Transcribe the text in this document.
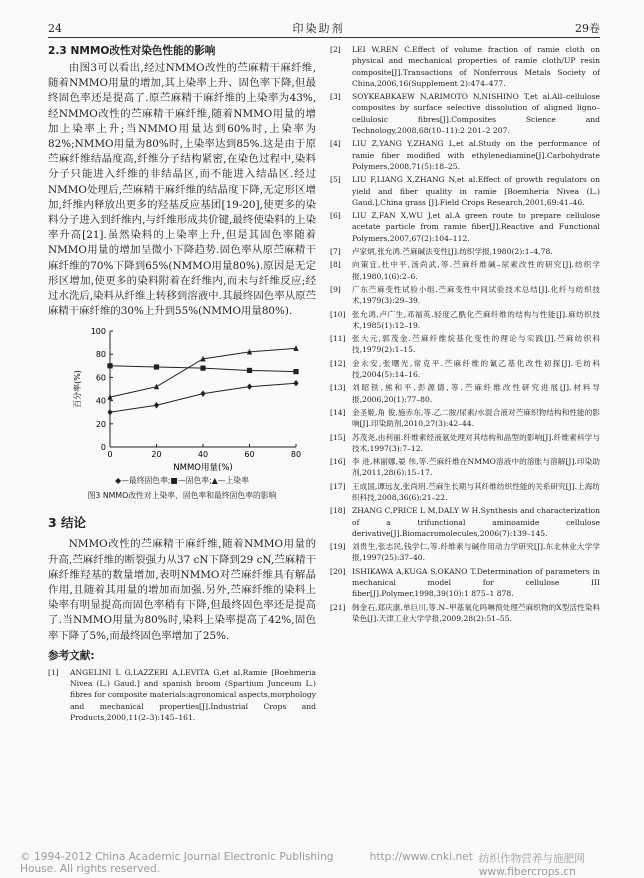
24	印染助剂	29卷

2.3 NMMO改性对染色性能的影响

由图3可以看出,经过NMMO改性的苎麻精干麻纤维,随着NMMO用量的增加,其上染率上升、固色率下降,但最终固色率还是提高了.原苎麻精干麻纤维的上染率为43%,经NMMO改性的苎麻精干麻纤维,随着NMMO用量的增加上染率上升;当NMMO用量达到60%时,上染率为82%;NMMO用量为80%时,上染率达到85%.这是由于原苎麻纤维结晶度高,纤维分子结构紧密,在染色过程中,染料分子只能进入纤维的非结晶区,而不能进入结晶区.经过NMMO处理后,苎麻精干麻纤维的结晶度下降,无定形区增加,纤维内释放出更多的羟基反应基团[19-20],使更多的染料分子进入到纤维内,与纤维形成共价键,最终使染料的上染率升高[21].虽然染料的上染率上升,但是其固色率随着NMMO用量的增加呈微小下降趋势.固色率从原苎麻精干麻纤维的70%下降到65%(NMMO用量80%).原因是无定形区增加,使更多的染料附着在纤维内,而未与纤维反应;经过水洗后,染料从纤维上转移到溶液中.其最终固色率从原苎麻精干麻纤维的30%上升到55%(NMMO用量80%).

0
20
40
60
80
100
0	20	40	60	80
NMMO用量(%)
百分率(%)

◆—最终固色率;■—固色率;▲—上染率

图3 NMMO改性对上染率、固色率和最终固色率的影响

3 结论

NMMO改性的苎麻精干麻纤维,随着NMMO用量的升高,苎麻纤维的断裂强力从37 cN下降到29 cN,苎麻精干麻纤维羟基的数量增加,表明NMMO对苎麻纤维具有解晶作用,且随着其用量的增加而加强.另外,苎麻纤维的染料上染率有明显提高而固色率稍有下降,但最终固色率还是提高了.当NMMO用量为80%时,染料上染率提高了42%,固色率下降了5%,而最终固色率增加了25%.

参考文献:

[1]	ANGELINI L G,LAZZERI A,LEVITA G,et al.Ramie [Boehmeria Nivea (L.) Gaud.] and spanish broom (Spartium Junceum L.) fibres for composite materials:agronomical aspects,morphology and mechanical properties[J].Industrial Crops and Products,2000,11(2–3):145–161.
[2]	LEI W,REN C.Effect of volume fraction of ramie cloth on physical and mechanical properties of ramie cloth/UP resin composite[J].Transactions of Nonferrous Metals Society of China,2006,16(Supplement 2):474–477.
[3]	SOYKEABKAEW N,ARIMOTO N,NISHINO T,et al.All–cellulose composites by surface selective dissolution of aligned ligno–cellulosic fibres[J].Composites Science and Technology,2008,68(10–11):2 201–2 207.
[4]	LIU Z,YANG Y,ZHANG L,et al.Study on the performance of ramie fiber modified with ethylenediamine[J].Carbohydrate Polymers,2008,71(5):18–25.
[5]	LIU F,LIANG X,ZHANG N,et al.Effect of growth regulators on yield and fiber quality in ramie [Boemheria Nivea (L.) Gaud.],China grass [J].Field Crops Research,2001,69:41–46.
[6]	LIU Z,FAN X,WU J,et al.A green route to prepare cellulose acetate particle from ramie fiber[J].Reactive and Functional Polymers,2007,67(2):104–112.
[7]	卢家炳,张允鸿.苎麻碱法变性[J].纺织学报,1980(2):1–4,78.
[8]	向策宜,杜中平,汤尚武,等.苎麻纤维碱–尿素改性的研究[J].纺织学报,1980,1(6):2–6.
[9]	广东苎麻变性试验小组.苎麻变性中间试验技术总结[J].化纤与纺织技术,1979(3):29–39.
[10] 张允鸿,卢广生,邓福英.轻度乙酰化苎麻纤维的结构与性能[J].麻纺织技术,1985(1):12–19.
[11] 张大元,郭茂金.苎麻纤维烷基化变性的理论与实践[J].苎麻纺织科技,1979(2):1–15.
[12] 金永安,张曙光,常克平.苎麻纤维的氰乙基化改性初探[J].毛纺科技,2004(5):14–16.
[13] 刘昭铁,熊和平,彭源德,等.苎麻纤维改性研究进展[J].材料导报,2006,20(1):77–80.
[14] 金圣姬,角 俊,施赤东,等.乙二胺/尿素/水混合液对苎麻织物结构和性能的影响[J].印染助剂,2010,27(3):42–44.
[15] 苏茂尧,由利丽.纤维素经液氨处理对其结构和晶型的影响[J].纤维素科学与技术,1997(3):7–12.
[16] 李 进,林丽娜,晏 伟,等.苎麻纤维在NMMO溶液中的溶胀与溶解[J].印染助剂,2011,28(6):15–17.
[17] 王成国,谭远友,张尚玥.苎麻生长期与其纤维纺织性能的关系研究[J].上海纺织科技,2008,36(6):21–22.
[18] ZHANG C,PRICE L M,DALY W H.Synthesis and characterization of a trifunctional aminoamide cellulose derivative[J].Biomacromolecules,2006(7):139–145.
[19] 刘贵生,张志民,钱学仁,等.纤维素与碱作用动力学研究[J].东北林业大学学报,1997(25):37–40.
[20] ISHIKAWA A,KUGA S,OKANO T.Determination of parameters in mechanical model for cellulose III fiber[J].Polymer,1998,39(10):1 875–1 878.
[21] 韩金石,郑庆康,单巨川,等.N–甲基氧化吗啉预处理苎麻织物的X型活性染料染色[J].天津工业大学学报,2009,28(2):51–55.
© 1994-2012 China Academic Journal Electronic Publishing House. All rights reserved.
http://www.cnki.net 纺织作物营养与施肥网 www.fibercrops.cn
